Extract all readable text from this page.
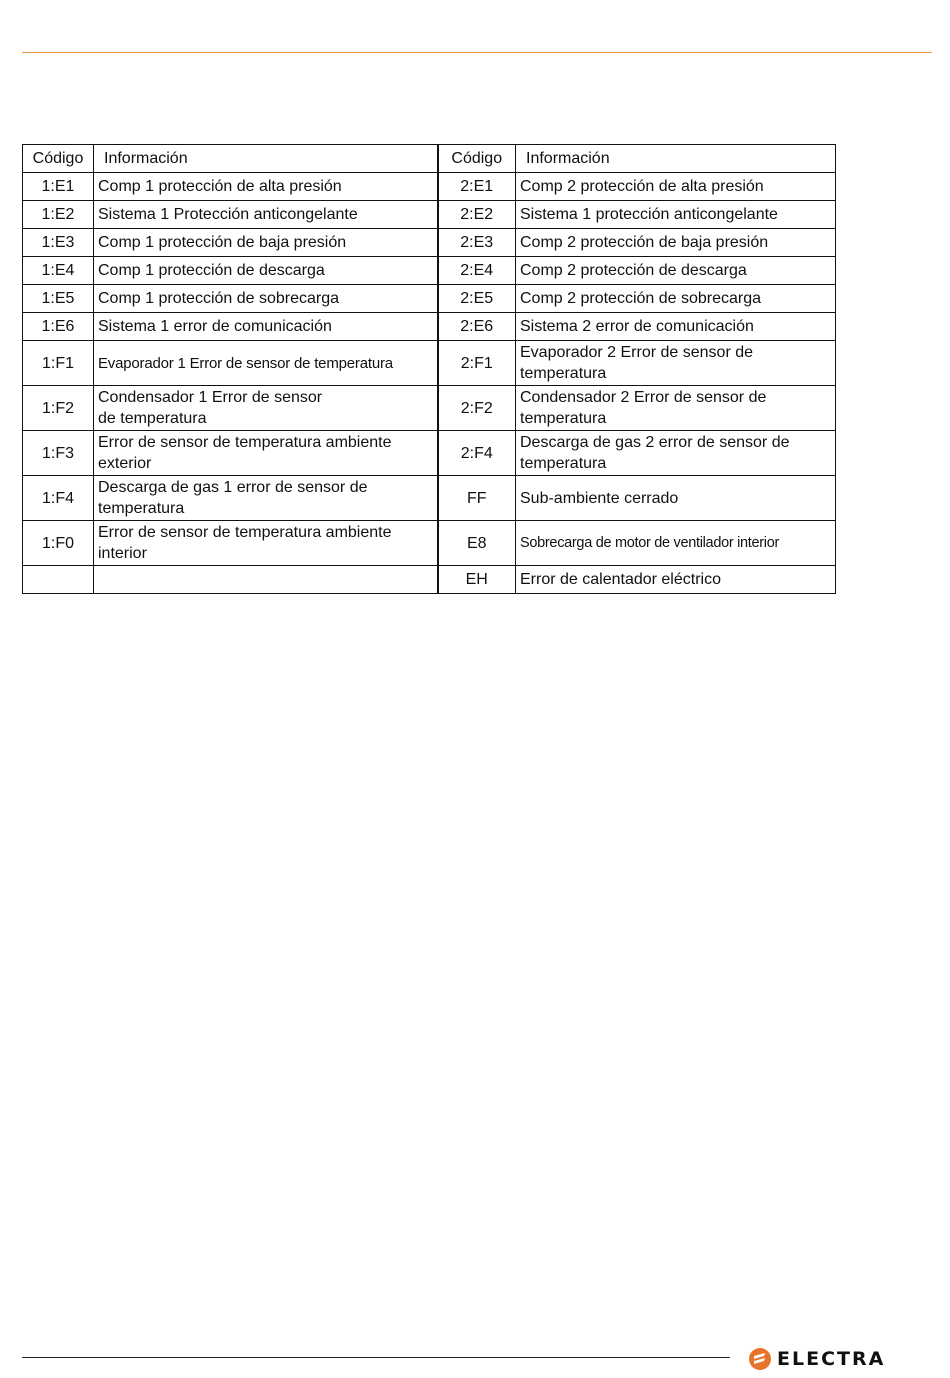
Código	Información	Código	Información
1:E1	Comp 1 protección de alta presión	2:E1	Comp 2 protección de alta presión
1:E2	Sistema 1 Protección anticongelante	2:E2	Sistema 1 protección anticongelante
1:E3	Comp 1 protección de baja presión	2:E3	Comp 2 protección de baja presión
1:E4	Comp 1 protección de descarga	2:E4	Comp 2 protección de descarga
1:E5	Comp 1 protección de sobrecarga	2:E5	Comp 2 protección de sobrecarga
1:E6	Sistema 1 error de comunicación	2:E6	Sistema 2 error de comunicación
1:F1	Evaporador 1 Error de sensor de temperatura	2:F1	Evaporador 2 Error de sensor de temperatura
1:F2	Condensador 1 Error de sensor de temperatura	2:F2	Condensador 2 Error de sensor de temperatura
1:F3	Error de sensor de temperatura ambiente exterior	2:F4	Descarga de gas 2 error de sensor de temperatura
1:F4	Descarga de gas 1 error de sensor de temperatura	FF	Sub-ambiente cerrado
1:F0	Error de sensor de temperatura ambiente interior	E8	Sobrecarga de motor de ventilador interior
		EH	Error de calentador eléctrico
ELECTRA
